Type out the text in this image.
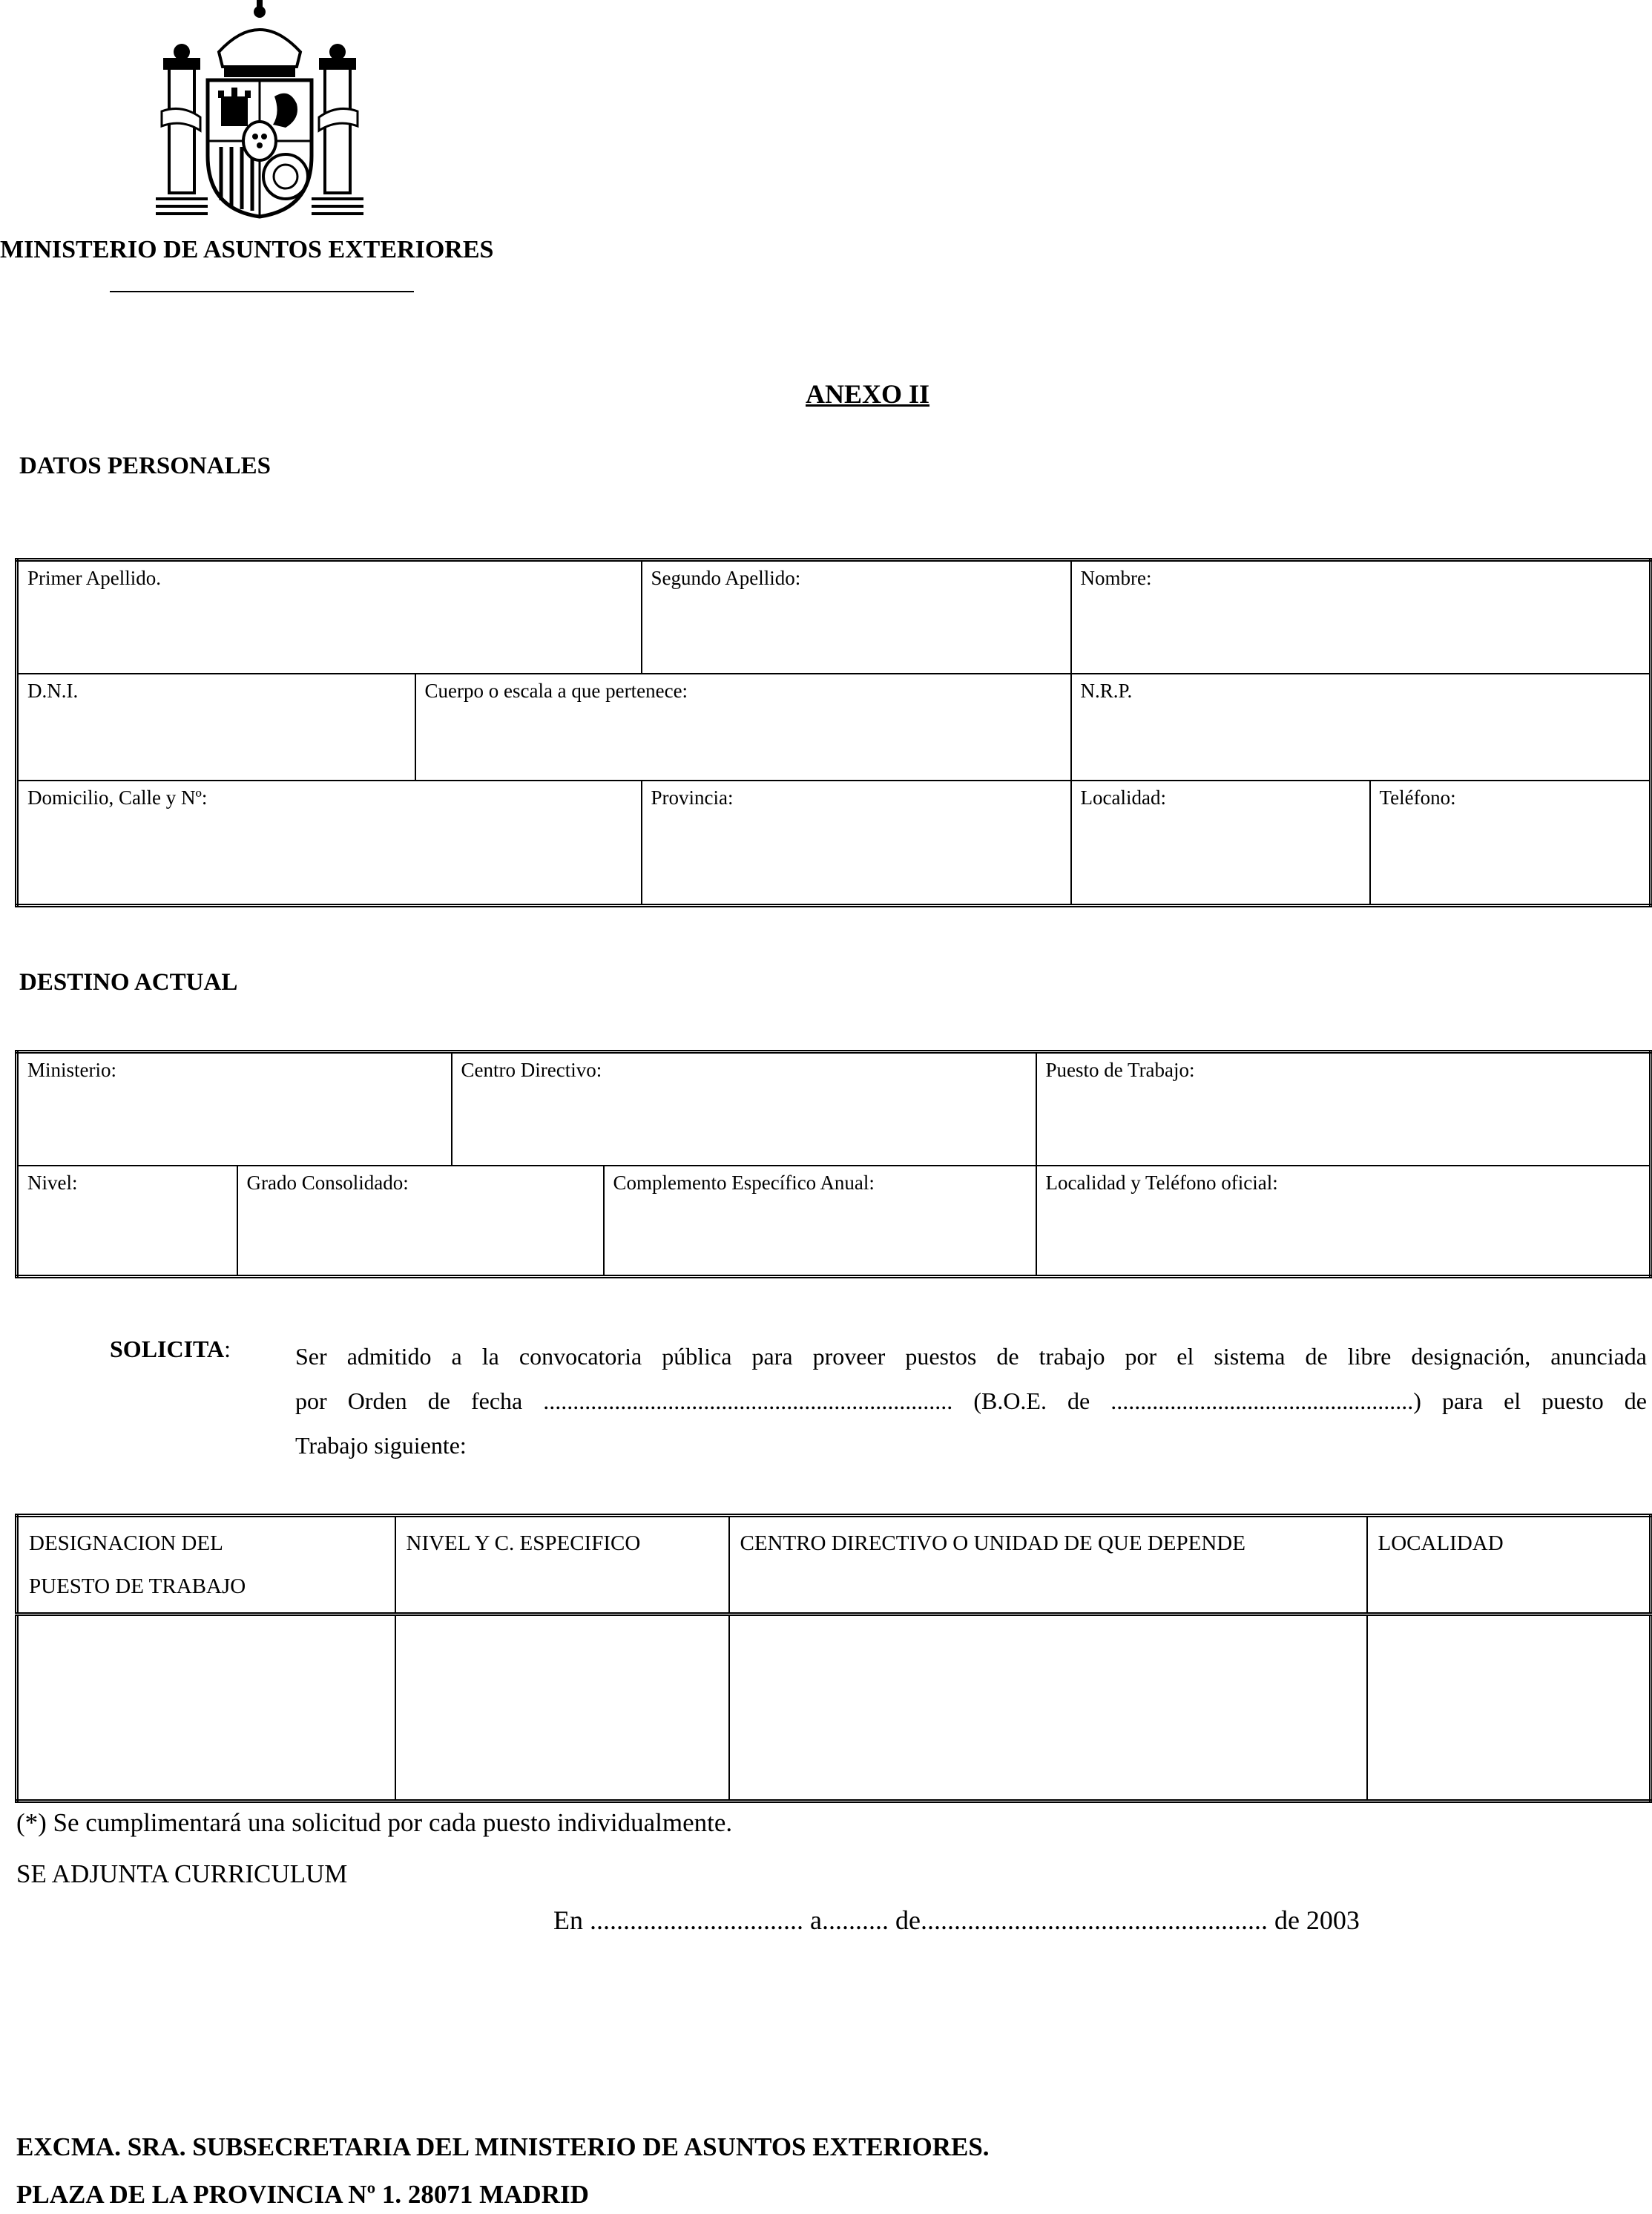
MINISTERIO DE ASUNTOS EXTERIORES
ANEXO II
DATOS PERSONALES
Primer Apellido.		Segundo Apellido:	Nombre:	
D.N.I.	Cuerpo o escala a que pertenece:		N.R.P.	
Domicilio, Calle y Nº:		Provincia:	Localidad:	Teléfono:
DESTINO ACTUAL
Ministerio:		Centro Directivo:		Puesto de Trabajo:
Nivel:	Grado Consolidado:		Complemento Específico Anual:	Localidad y Teléfono oficial:
SOLICITA:	Ser admitido a la convocatoria pública para proveer puestos de trabajo por el sistema de libre designación, anunciada
por Orden de fecha ..................................................................... (B.O.E. de ...................................................) para el puesto de
Trabajo siguiente:
DESIGNACION DEL
PUESTO DE TRABAJO	NIVEL Y C. ESPECIFICO	CENTRO DIRECTIVO O UNIDAD DE QUE DEPENDE	LOCALIDAD

(*) Se cumplimentará una solicitud por cada puesto individualmente.
SE ADJUNTA CURRICULUM
En ................................ a.......... de.................................................... de 2003
EXCMA. SRA. SUBSECRETARIA DEL MINISTERIO DE ASUNTOS EXTERIORES.
PLAZA DE LA PROVINCIA Nº 1. 28071 MADRID
